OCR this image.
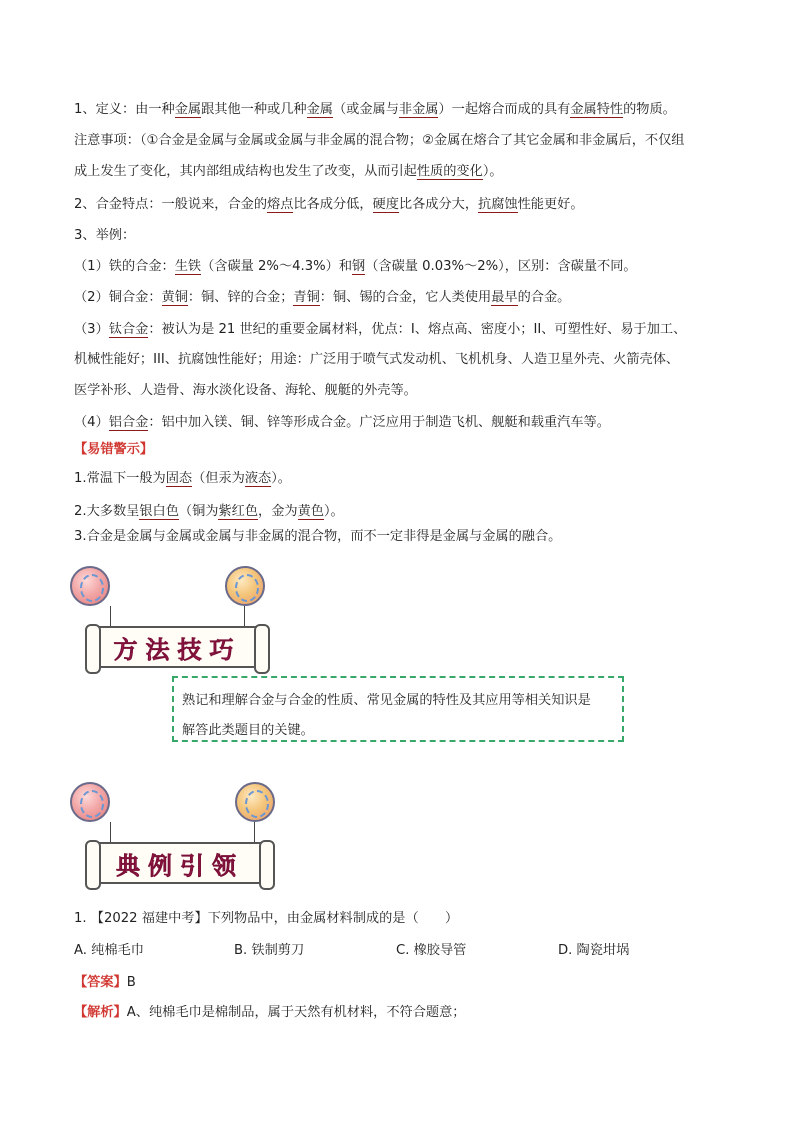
1、定义：由一种金属跟其他一种或几种金属（或金属与非金属）一起熔合而成的具有金属特性的物质。
注意事项：（①合金是金属与金属或金属与非金属的混合物；②金属在熔合了其它金属和非金属后，不仅组
成上发生了变化，其内部组成结构也发生了改变，从而引起性质的变化）。
2、合金特点：一般说来，合金的熔点比各成分低，硬度比各成分大，抗腐蚀性能更好。
3、举例：
（1）铁的合金：生铁（含碳量 2%～4.3%）和钢（含碳量 0.03%～2%），区别：含碳量不同。
（2）铜合金：黄铜：铜、锌的合金；青铜：铜、锡的合金，它人类使用最早的合金。
（3）钛合金：被认为是 21 世纪的重要金属材料，优点：I、熔点高、密度小；II、可塑性好、易于加工、
机械性能好；III、抗腐蚀性能好；用途：广泛用于喷气式发动机、飞机机身、人造卫星外壳、火箭壳体、
医学补形、人造骨、海水淡化设备、海轮、舰艇的外壳等。
（4）铝合金：铝中加入镁、铜、锌等形成合金。广泛应用于制造飞机、舰艇和载重汽车等。
【易错警示】
1.常温下一般为固态（但汞为液态）。
2.大多数呈银白色（铜为紫红色，金为黄色）。
3.合金是金属与金属或金属与非金属的混合物，而不一定非得是金属与金属的融合。
方法技巧
熟记和理解合金与合金的性质、常见金属的特性及其应用等相关知识是
解答此类题目的关键。
典例引领
1. 【2022 福建中考】下列物品中，由金属材料制成的是（　　）
A. 纯棉毛巾	B. 铁制剪刀	C. 橡胶导管	D. 陶瓷坩埚
【答案】B
【解析】A、纯棉毛巾是棉制品，属于天然有机材料，不符合题意；
